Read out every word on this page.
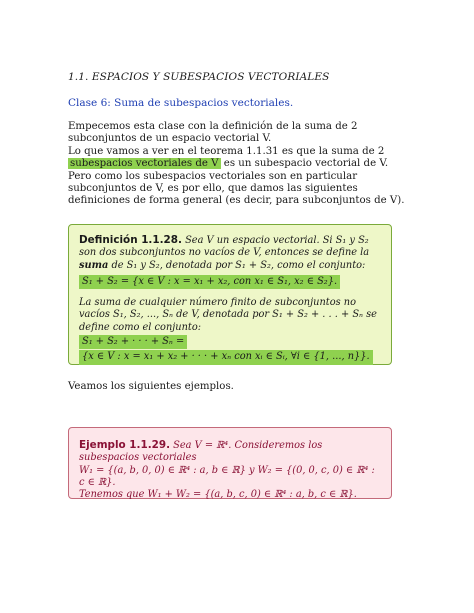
1.1. ESPACIOS Y SUBESPACIOS VECTORIALES
Clase 6: Suma de subespacios vectoriales.

Empecemos esta clase con la definición de la suma de 2 subconjuntos de un espacio vectorial V.

Lo que vamos a ver en el teorema 1.1.31 es que la suma de 2
subespacios vectoriales de V es un subespacio vectorial de V. Pero como los subespacios vectoriales son en particular subconjuntos de V, es por ello, que damos las siguientes definiciones de forma general (es decir, para subconjuntos de V).

Definición 1.1.28. Sea V un espacio vectorial. Si S₁ y S₂ son dos subconjuntos no vacíos de V, entonces se define la suma de S₁ y S₂, denotada por S₁ + S₂, como el conjunto:

S₁ + S₂ = {x ∈ V : x = x₁ + x₂, con x₁ ∈ S₁, x₂ ∈ S₂}.

La suma de cualquier número finito de subconjuntos no vacíos S₁, S₂, ..., Sₙ de V, denotada por S₁ + S₂ + . . . + Sₙ se define como el conjunto:

S₁ + S₂ + · · · + Sₙ =

{x ∈ V : x = x₁ + x₂ + · · · + xₙ con xᵢ ∈ Sᵢ, ∀i ∈ {1, ..., n}}.

Veamos los siguientes ejemplos.

Ejemplo 1.1.29. Sea V = ℝ⁴. Consideremos los subespacios vectoriales

W₁ = {(a, b, 0, 0) ∈ ℝ⁴ : a, b ∈ ℝ} y W₂ = {(0, 0, c, 0) ∈ ℝ⁴ : c ∈ ℝ}.

Tenemos que W₁ + W₂ = {(a, b, c, 0) ∈ ℝ⁴ : a, b, c ∈ ℝ}.
